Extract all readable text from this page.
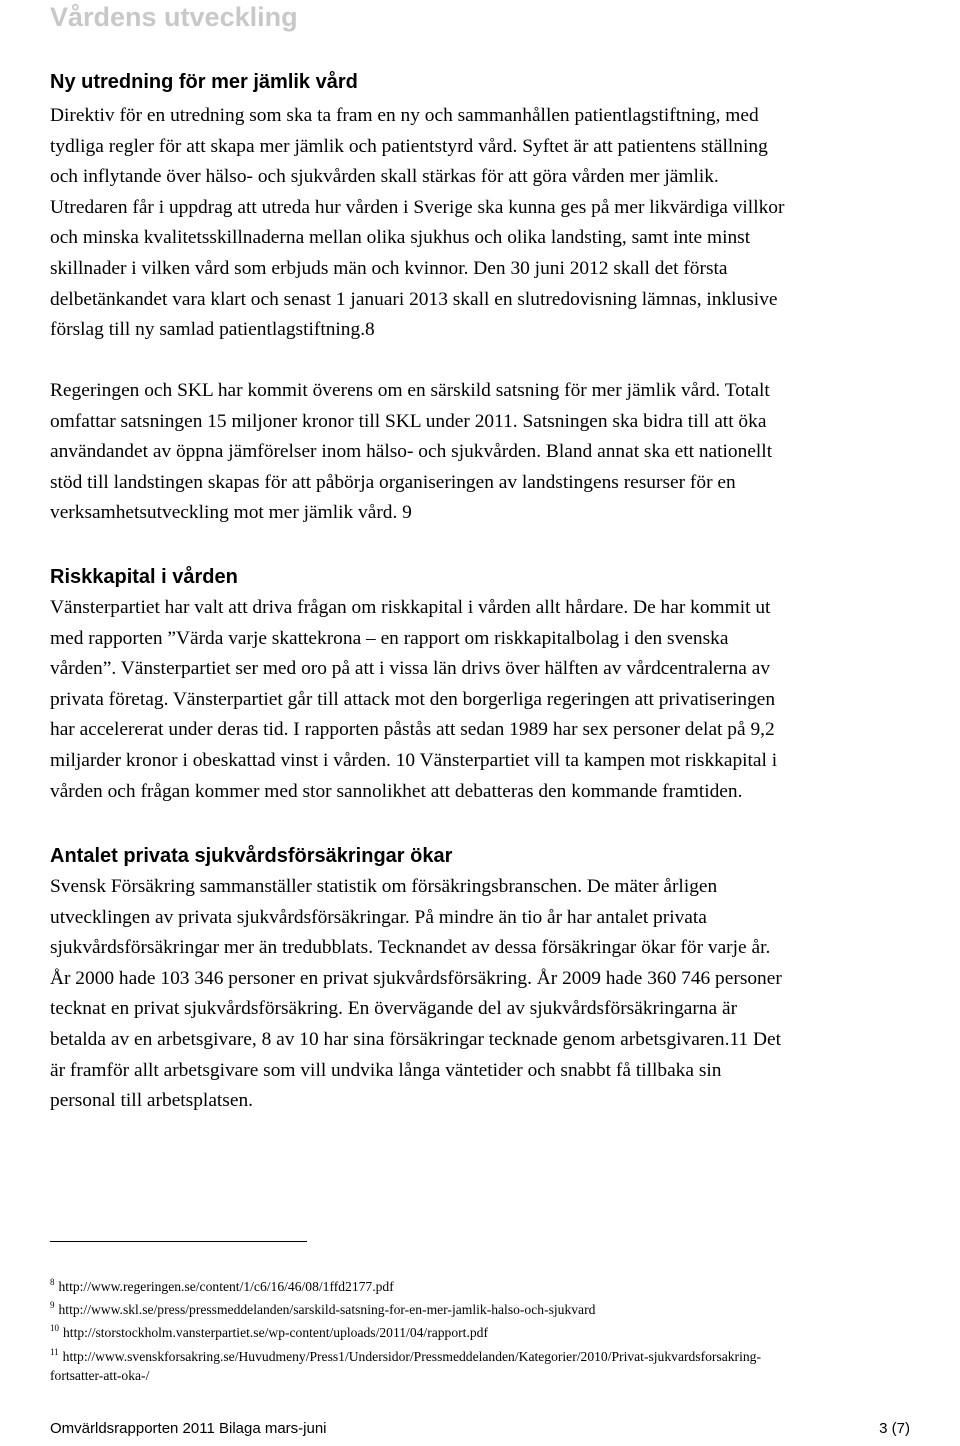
Vårdens utveckling
Ny utredning för mer jämlik vård
Direktiv för en utredning som ska ta fram en ny och sammanhållen patientlagstiftning, med
tydliga regler för att skapa mer jämlik och patientstyrd vård. Syftet är att patientens ställning
och inflytande över hälso- och sjukvården skall stärkas för att göra vården mer jämlik.
Utredaren får i uppdrag att utreda hur vården i Sverige ska kunna ges på mer likvärdiga villkor
och minska kvalitetsskillnaderna mellan olika sjukhus och olika landsting, samt inte minst
skillnader i vilken vård som erbjuds män och kvinnor. Den 30 juni 2012 skall det första
delbetänkandet vara klart och senast 1 januari 2013 skall en slutredovisning lämnas, inklusive
förslag till ny samlad patientlagstiftning.8
Regeringen och SKL har kommit överens om en särskild satsning för mer jämlik vård. Totalt
omfattar satsningen 15 miljoner kronor till SKL under 2011. Satsningen ska bidra till att öka
användandet av öppna jämförelser inom hälso- och sjukvården. Bland annat ska ett nationellt
stöd till landstingen skapas för att påbörja organiseringen av landstingens resurser för en
verksamhetsutveckling mot mer jämlik vård. 9
Riskkapital i vården
Vänsterpartiet har valt att driva frågan om riskkapital i vården allt hårdare. De har kommit ut
med rapporten ”Värda varje skattekrona – en rapport om riskkapitalbolag i den svenska
vården”. Vänsterpartiet ser med oro på att i vissa län drivs över hälften av vårdcentralerna av
privata företag. Vänsterpartiet går till attack mot den borgerliga regeringen att privatiseringen
har accelererat under deras tid. I rapporten påstås att sedan 1989 har sex personer delat på 9,2
miljarder kronor i obeskattad vinst i vården. 10 Vänsterpartiet vill ta kampen mot riskkapital i
vården och frågan kommer med stor sannolikhet att debatteras den kommande framtiden.
Antalet privata sjukvårdsförsäkringar ökar
Svensk Försäkring sammanställer statistik om försäkringsbranschen. De mäter årligen
utvecklingen av privata sjukvårdsförsäkringar. På mindre än tio år har antalet privata
sjukvårdsförsäkringar mer än tredubblats. Tecknandet av dessa försäkringar ökar för varje år.
År 2000 hade 103 346 personer en privat sjukvårdsförsäkring. År 2009 hade 360 746 personer
tecknat en privat sjukvårdsförsäkring. En övervägande del av sjukvårdsförsäkringarna är
betalda av en arbetsgivare, 8 av 10 har sina försäkringar tecknade genom arbetsgivaren.11 Det
är framför allt arbetsgivare som vill undvika långa väntetider och snabbt få tillbaka sin
personal till arbetsplatsen.
$^8$ http://www.regeringen.se/content/1/c6/16/46/08/1ffd2177.pdf
$^9$ http://www.skl.se/press/pressmeddelanden/sarskild-satsning-for-en-mer-jamlik-halso-och-sjukvard
$^{10}$ http://storstockholm.vansterpartiet.se/wp-content/uploads/2011/04/rapport.pdf
$^{11}$ http://www.svenskforsakring.se/Huvudmeny/Press1/Undersidor/Pressmeddelanden/Kategorier/2010/Privat-sjukvardsforsakring-
fortsatter-att-oka-/
Omvärldsrapporten 2011 Bilaga mars-juni	3 (7)
